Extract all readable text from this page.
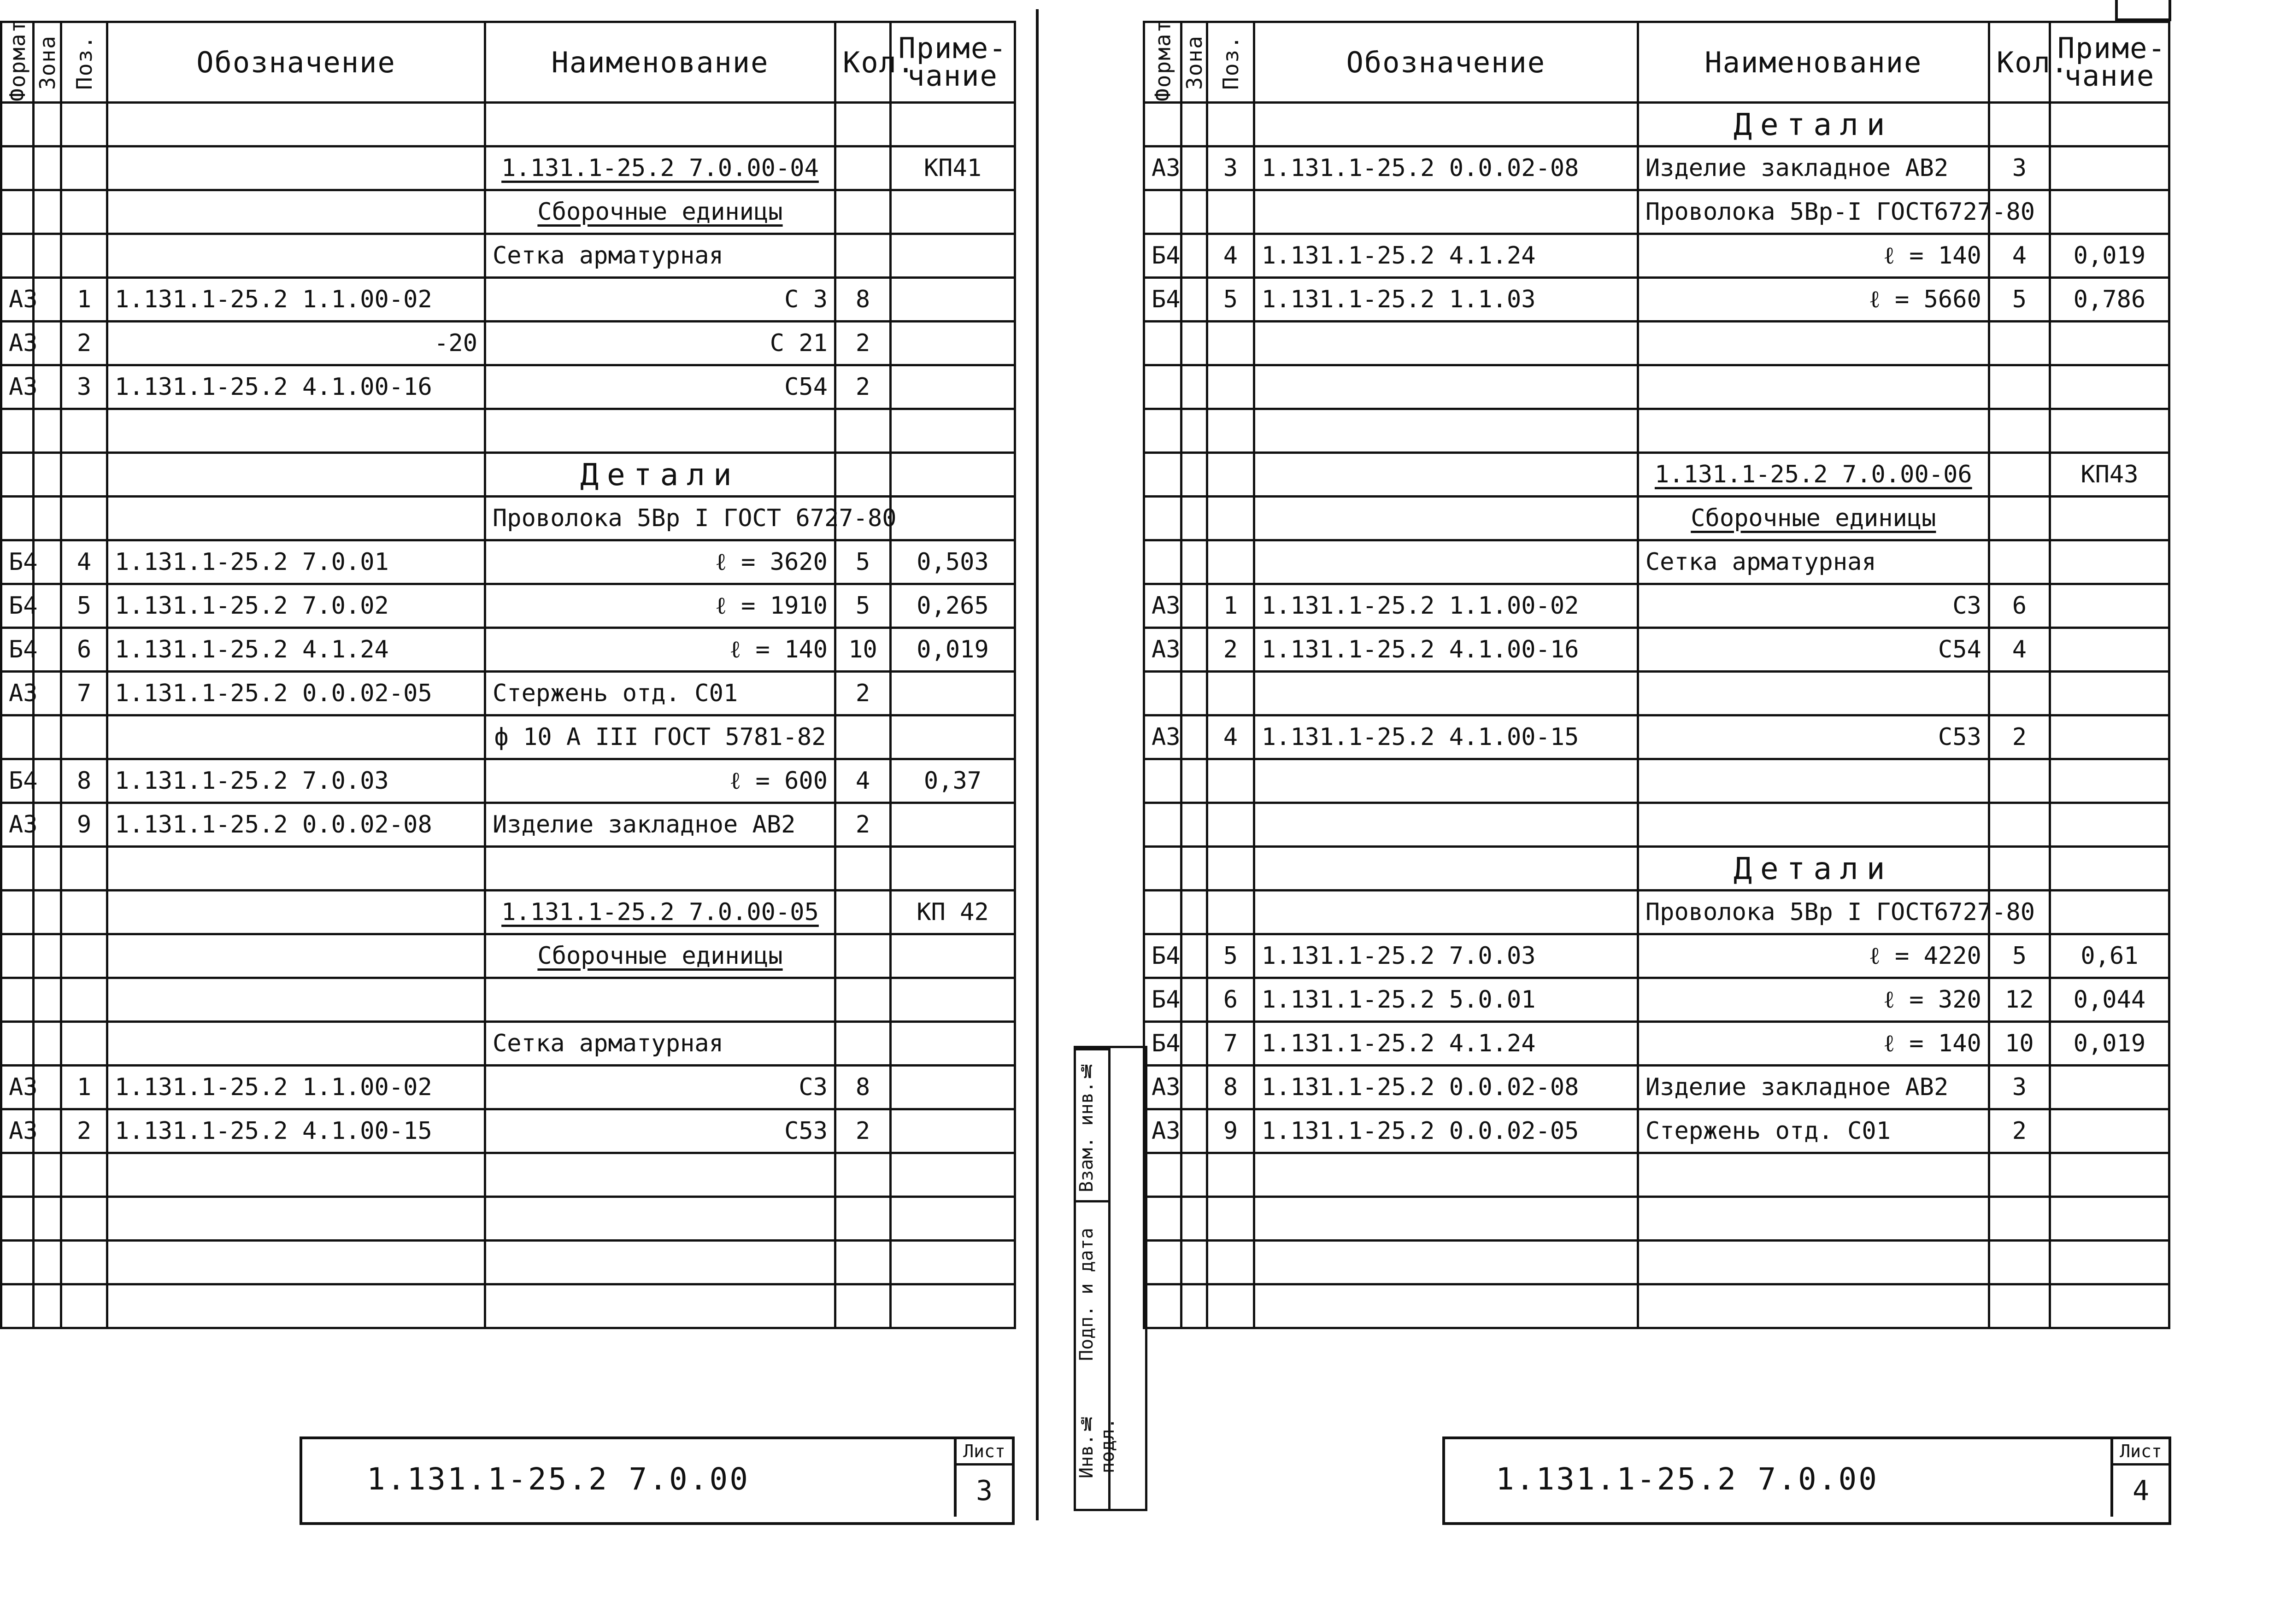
Формат	Зона	Поз.	Обозначение	Наименование	Кол.	Приме-
чание

				1.131.1-25.2 7.0.00-04		КП41
				Сборочные единицы		
				Сетка арматурная		
А3		1	1.131.1-25.2 1.1.00-02	С 3	8	
А3		2	-20	С 21	2	
А3		3	1.131.1-25.2 4.1.00-16	С54	2	

				Детали		
				Проволока 5Вр I ГОСТ 6727-80		
Б4		4	1.131.1-25.2 7.0.01	ℓ = 3620	5	0,503
Б4		5	1.131.1-25.2 7.0.02	ℓ = 1910	5	0,265
Б4		6	1.131.1-25.2 4.1.24	ℓ = 140	10	0,019
А3		7	1.131.1-25.2 0.0.02-05	Стержень отд. С01	2	
				ф 10 А III ГОСТ 5781-82		
Б4		8	1.131.1-25.2 7.0.03	ℓ = 600	4	0,37
А3		9	1.131.1-25.2 0.0.02-08	Изделие закладное АВ2	2	

				1.131.1-25.2 7.0.00-05		КП 42
				Сборочные единицы		

				Сетка арматурная		
А3		1	1.131.1-25.2 1.1.00-02	С3	8	
А3		2	1.131.1-25.2 4.1.00-15	С53	2	

1.131.1-25.2 7.0.00
Лист
3
Взам. инв.№
Подп. и дата
Инв.№ подл.
Формат	Зона	Поз.	Обозначение	Наименование	Кол.	Приме-
чание
				Детали		
А3		3	1.131.1-25.2 0.0.02-08	Изделие закладное АВ2	3	
				Проволока 5Вр-I ГОСТ6727-80		
Б4		4	1.131.1-25.2 4.1.24	ℓ = 140	4	0,019
Б4		5	1.131.1-25.2 1.1.03	ℓ = 5660	5	0,786

				1.131.1-25.2 7.0.00-06		КП43
				Сборочные единицы		
				Сетка арматурная		
А3		1	1.131.1-25.2 1.1.00-02	С3	6	
А3		2	1.131.1-25.2 4.1.00-16	С54	4	

А3		4	1.131.1-25.2 4.1.00-15	С53	2	

				Детали		
				Проволока 5Вр I ГОСТ6727-80		
Б4		5	1.131.1-25.2 7.0.03	ℓ = 4220	5	0,61
Б4		6	1.131.1-25.2 5.0.01	ℓ = 320	12	0,044
Б4		7	1.131.1-25.2 4.1.24	ℓ = 140	10	0,019
А3		8	1.131.1-25.2 0.0.02-08	Изделие закладное АВ2	3	
А3		9	1.131.1-25.2 0.0.02-05	Стержень отд. С01	2	

1.131.1-25.2 7.0.00
Лист
4
